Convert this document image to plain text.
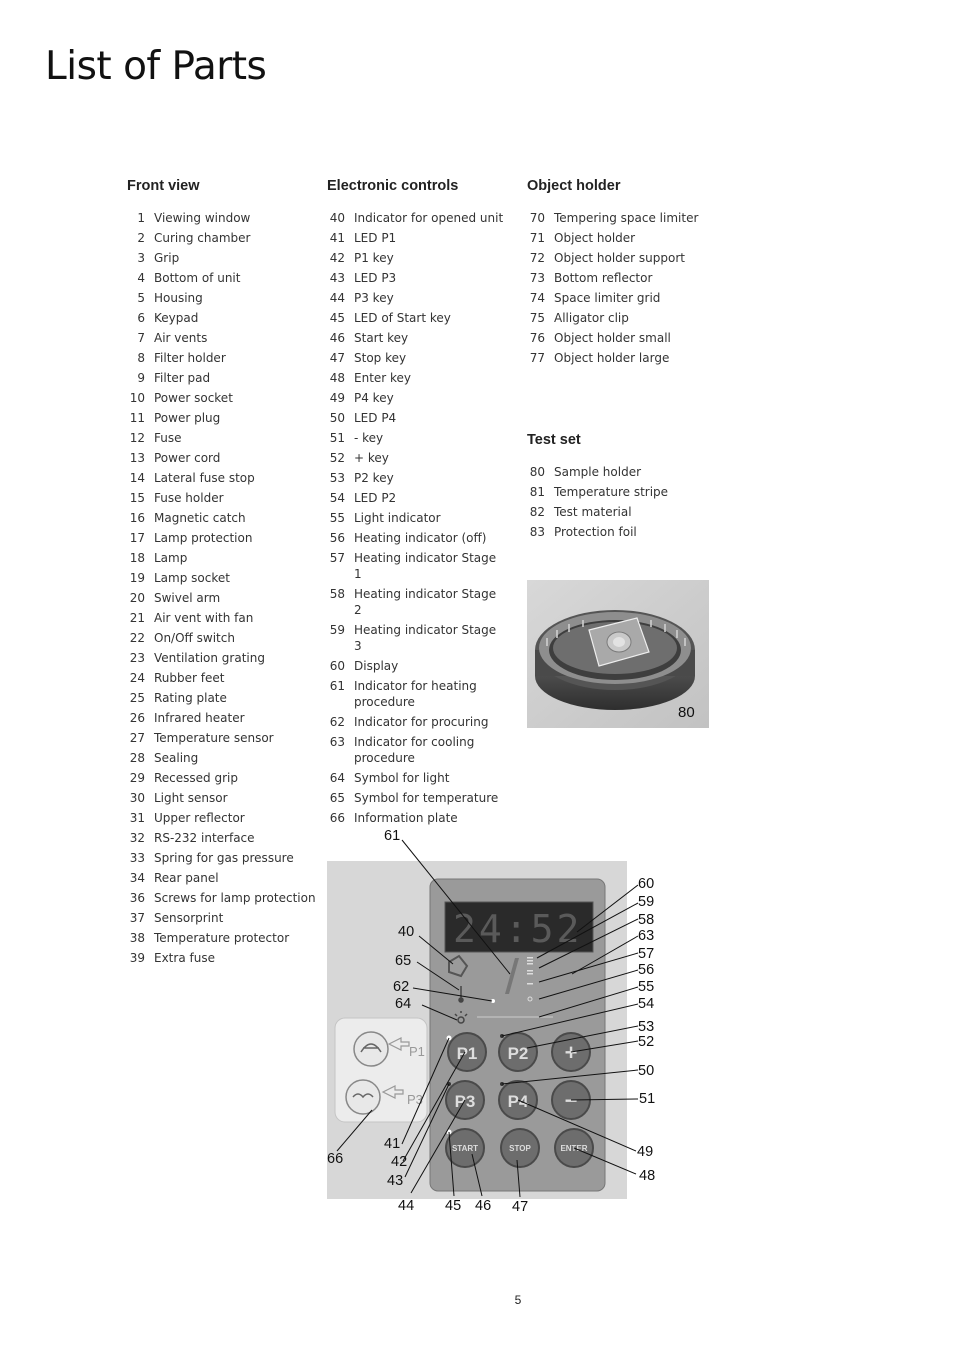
List of Parts
Front view
1 Viewing window
2 Curing chamber
3 Grip
4 Bottom of unit
5 Housing
6 Keypad
7 Air vents
8 Filter holder
9 Filter pad
10 Power socket
11 Power plug
12 Fuse
13 Power cord
14 Lateral fuse stop
15 Fuse holder
16 Magnetic catch
17 Lamp protection
18 Lamp
19 Lamp socket
20 Swivel arm
21 Air vent with fan
22 On/Off switch
23 Ventilation grating
24 Rubber feet
25 Rating plate
26 Infrared heater
27 Temperature sensor
28 Sealing
29 Recessed grip
30 Light sensor
31 Upper reflector
32 RS-232 interface
33 Spring for gas pressure
34 Rear panel
36 Screws for lamp protection
37 Sensorprint
38 Temperature protector
39 Extra fuse
Electronic controls
40 Indicator for opened unit
41 LED P1
42 P1 key
43 LED P3
44 P3 key
45 LED of Start key
46 Start key
47 Stop key
48 Enter key
49 P4 key
50 LED P4
51 - key
52 + key
53 P2 key
54 LED P2
55 Light indicator
56 Heating indicator (off)
57 Heating indicator Stage 1
58 Heating indicator Stage 2
59 Heating indicator Stage 3
60 Display
61 Indicator for heating procedure
62 Indicator for procuring
63 Indicator for cooling procedure
64 Symbol for light
65 Symbol for temperature
66 Information plate
Object holder
70 Tempering space limiter
71 Object holder
72 Object holder support
73 Bottom reflector
74 Space limiter grid
75 Alligator clip
76 Object holder small
77 Object holder large
Test set
80 Sample holder
81 Temperature stripe
82 Test material
83 Protection foil
80
P1
P3
24:52
P1 P2 +
P3 P4 −
START	STOP	ENTER
61
40
65
62
64
60
59
58
63
57
56
55
54
53
52
50
51
49
48
66
41
42
43
44 45 46 47
5
